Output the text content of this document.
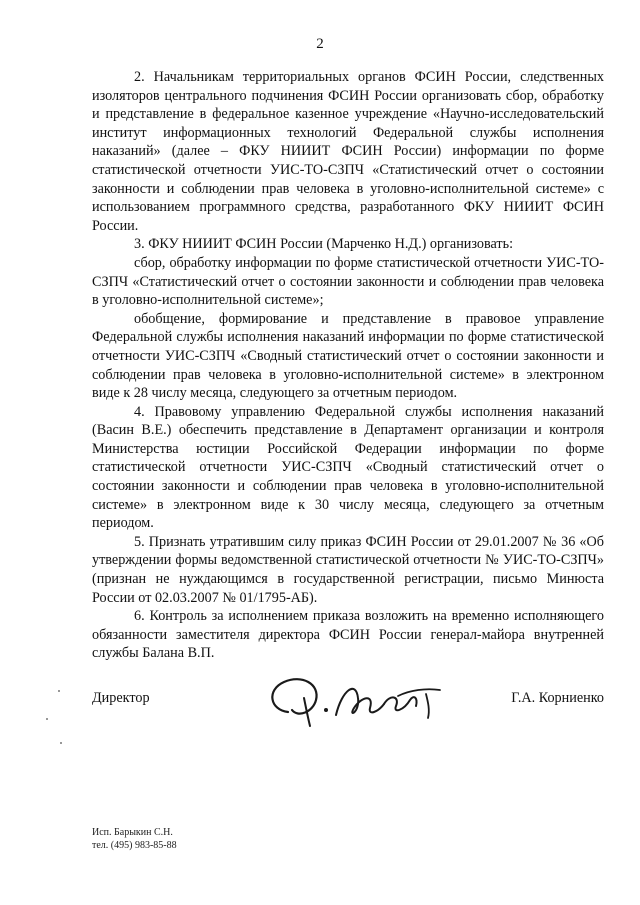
2

2. Начальникам территориальных органов ФСИН России, следственных изоляторов центрального подчинения ФСИН России организовать сбор, обработку и представление в федеральное казенное учреждение «Научно-исследовательский институт информационных технологий Федеральной службы исполнения наказаний» (далее – ФКУ НИИИТ ФСИН России) информации по форме статистической отчетности УИС-ТО-СЗПЧ «Статистический отчет о состоянии законности и соблюдении прав человека в уголовно-исполнительной системе» с использованием программного средства, разработанного ФКУ НИИИТ ФСИН России.

3. ФКУ НИИИТ ФСИН России (Марченко Н.Д.) организовать:

сбор, обработку информации по форме статистической отчетности УИС-ТО-СЗПЧ «Статистический отчет о состоянии законности и соблюдении прав человека в уголовно-исполнительной системе»;

обобщение, формирование и представление в правовое управление Федеральной службы исполнения наказаний информации по форме статистической отчетности УИС-СЗПЧ «Сводный статистический отчет о состоянии законности и соблюдении прав человека в уголовно-исполнительной системе» в электронном виде к 28 числу месяца, следующего за отчетным периодом.

4. Правовому управлению Федеральной службы исполнения наказаний (Васин В.Е.) обеспечить представление в Департамент организации и контроля Министерства юстиции Российской Федерации информации по форме статистической отчетности УИС-СЗПЧ «Сводный статистический отчет о состоянии законности и соблюдении прав человека в уголовно-исполнительной системе» в электронном виде к 30 числу месяца, следующего за отчетным периодом.

5. Признать утратившим силу приказ ФСИН России от 29.01.2007 № 36 «Об утверждении формы ведомственной статистической отчетности № УИС-ТО-СЗПЧ» (признан не нуждающимся в государственной регистрации, письмо Минюста России от 02.03.2007 № 01/1795-АБ).

6. Контроль за исполнением приказа возложить на временно исполняющего обязанности заместителя директора ФСИН России генерал-майора внутренней службы Балана В.П.

Директор	Г.А. Корниенко
Исп. Барыкин С.Н.
тел. (495) 983-85-88
